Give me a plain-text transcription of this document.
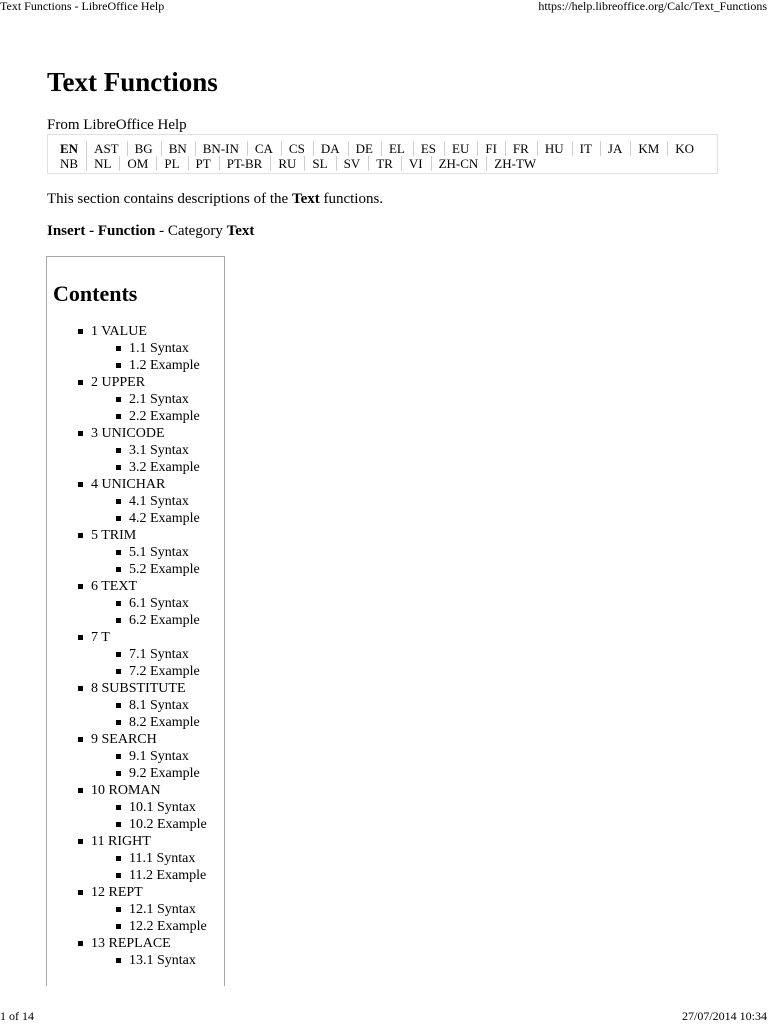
Text Functions - LibreOffice Help	https://help.libreoffice.org/Calc/Text_Functions
Text Functions
From LibreOffice Help
EN AST BG BN BN-IN CA CS DA DE EL ES EU FI FR HU IT JA KM KO
NB NL OM PL PT PT-BR RU SL SV TR VI ZH-CN ZH-TW
This section contains descriptions of the Text functions.
Insert - Function - Category Text
Contents
1 VALUE
1.1 Syntax
1.2 Example
2 UPPER
2.1 Syntax
2.2 Example
3 UNICODE
3.1 Syntax
3.2 Example
4 UNICHAR
4.1 Syntax
4.2 Example
5 TRIM
5.1 Syntax
5.2 Example
6 TEXT
6.1 Syntax
6.2 Example
7 T
7.1 Syntax
7.2 Example
8 SUBSTITUTE
8.1 Syntax
8.2 Example
9 SEARCH
9.1 Syntax
9.2 Example
10 ROMAN
10.1 Syntax
10.2 Example
11 RIGHT
11.1 Syntax
11.2 Example
12 REPT
12.1 Syntax
12.2 Example
13 REPLACE
13.1 Syntax
1 of 14	27/07/2014 10:34
